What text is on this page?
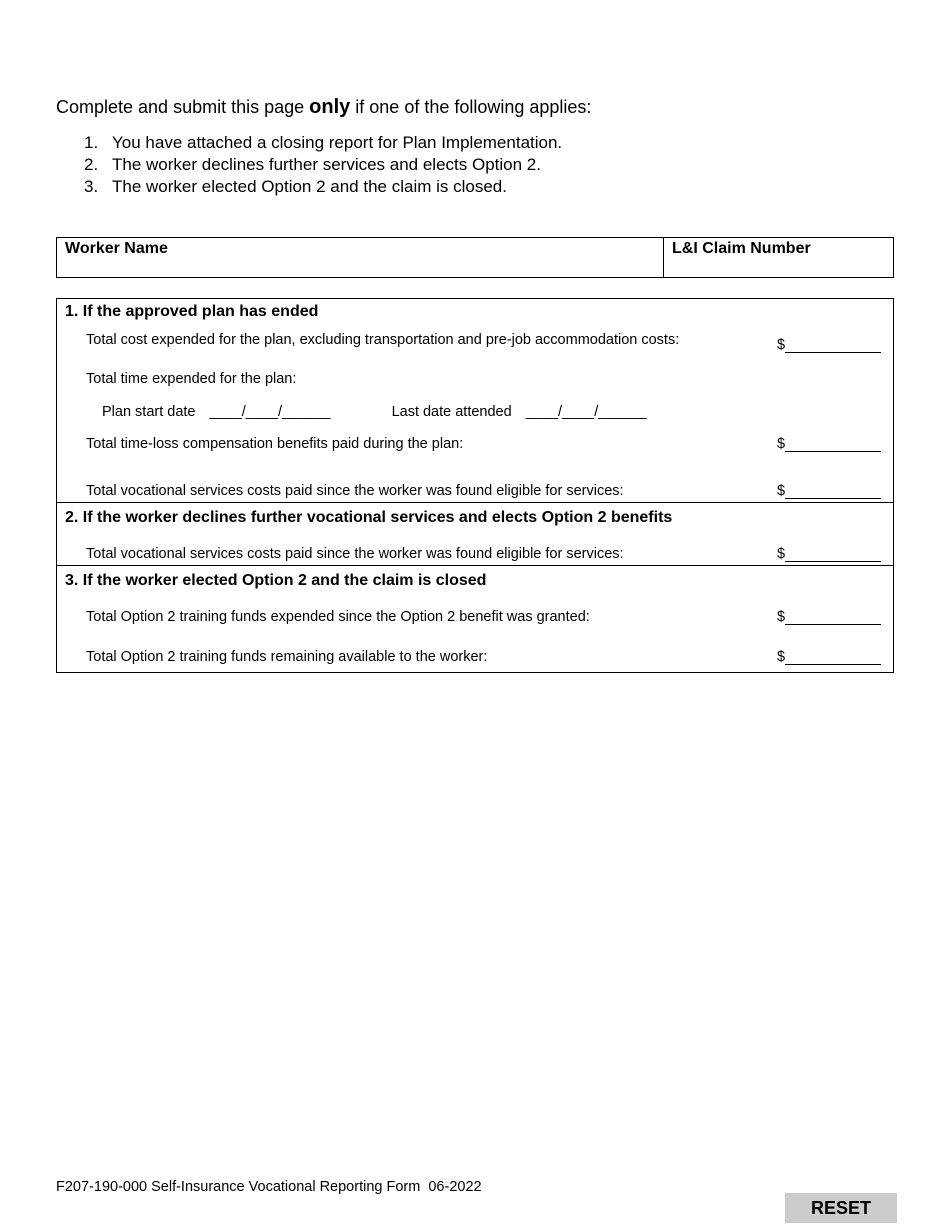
Complete and submit this page only if one of the following applies:
1. You have attached a closing report for Plan Implementation.
2. The worker declines further services and elects Option 2.
3. The worker elected Option 2 and the claim is closed.
Worker Name	L&I Claim Number
1. If the approved plan has ended
Total cost expended for the plan, excluding transportation and pre-job accommodation costs:	$
Total time expended for the plan:
Plan start date ____/____/______	Last date attended ____/____/______
Total time-loss compensation benefits paid during the plan:	$
Total vocational services costs paid since the worker was found eligible for services:	$
2. If the worker declines further vocational services and elects Option 2 benefits
Total vocational services costs paid since the worker was found eligible for services:	$
3. If the worker elected Option 2 and the claim is closed
Total Option 2 training funds expended since the Option 2 benefit was granted:	$
Total Option 2 training funds remaining available to the worker:	$
F207-190-000 Self-Insurance Vocational Reporting Form  06-2022
RESET
